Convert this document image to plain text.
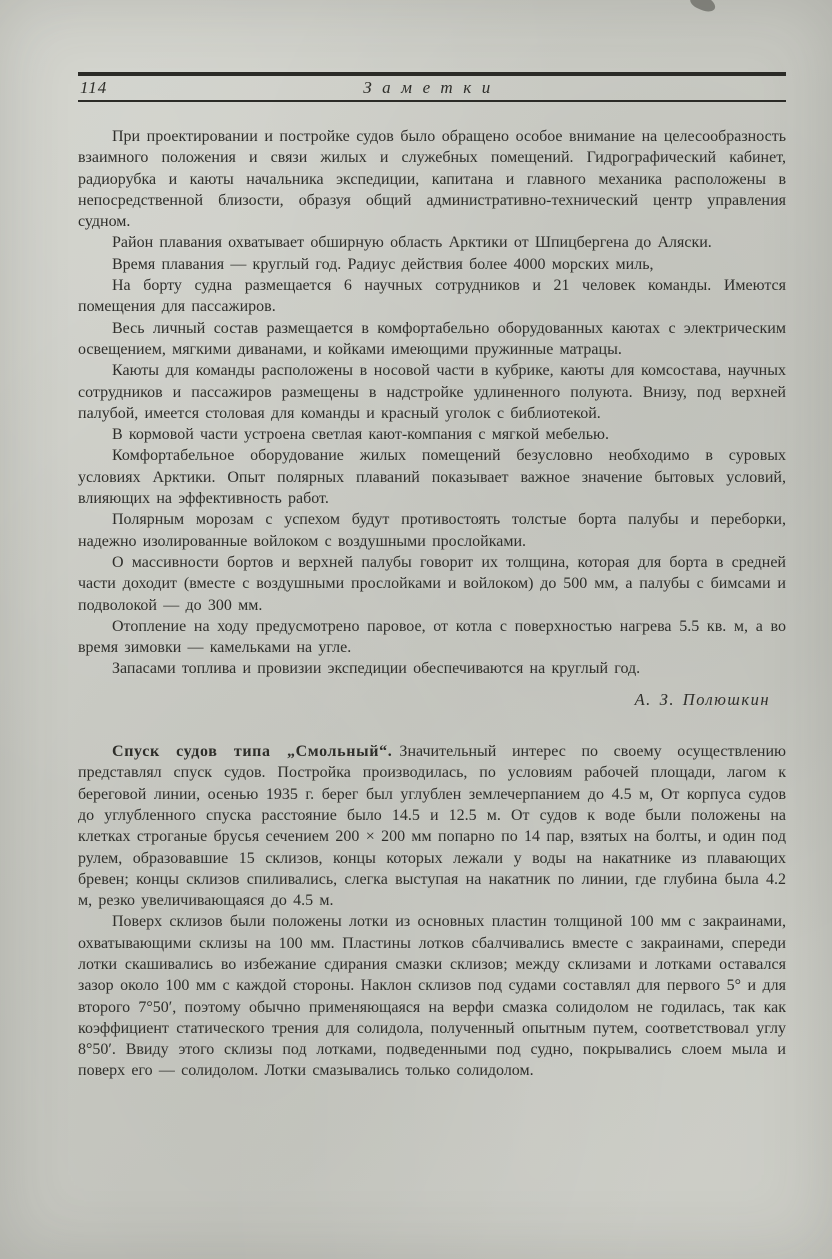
114	Заметки

При проектировании и постройке судов было обращено особое внимание на целесообразность взаимного положения и связи жилых и служебных помещений. Гидрографический кабинет, радиорубка и каюты начальника экспедиции, капитана и главного механика расположены в непосредственной близости, образуя общий административно-технический центр управления судном.

Район плавания охватывает обширную область Арктики от Шпицбергена до Аляски.

Время плавания — круглый год. Радиус действия более 4000 морских миль,

На борту судна размещается 6 научных сотрудников и 21 человек команды. Имеются помещения для пассажиров.

Весь личный состав размещается в комфортабельно оборудованных каютах с электрическим освещением, мягкими диванами, и койками имеющими пружинные матрацы.

Каюты для команды расположены в носовой части в кубрике, каюты для комсостава, научных сотрудников и пассажиров размещены в надстройке удлиненного полуюта. Внизу, под верхней палубой, имеется столовая для команды и красный уголок с библиотекой.

В кормовой части устроена светлая кают-компания с мягкой мебелью.

Комфортабельное оборудование жилых помещений безусловно необходимо в суровых условиях Арктики. Опыт полярных плаваний показывает важное значение бытовых условий, влияющих на эффективность работ.

Полярным морозам с успехом будут противостоять толстые борта палубы и переборки, надежно изолированные войлоком с воздушными прослойками.

О массивности бортов и верхней палубы говорит их толщина, которая для борта в средней части доходит (вместе с воздушными прослойками и войлоком) до 500 мм, а палубы с бимсами и подволокой — до 300 мм.

Отопление на ходу предусмотрено паровое, от котла с поверхностью нагрева 5.5 кв. м, а во время зимовки — камельками на угле.

Запасами топлива и провизии экспедиции обеспечиваются на круглый год.

А. З. Полюшкин

Спуск судов типа „Смольный“. Значительный интерес по своему осуществлению представлял спуск судов. Постройка производилась, по условиям рабочей площади, лагом к береговой линии, осенью 1935 г. берег был углублен землечерпанием до 4.5 м, От корпуса судов до углубленного спуска расстояние было 14.5 и 12.5 м. От судов к воде были положены на клетках строганые брусья сечением 200 × 200 мм попарно по 14 пар, взятых на болты, и один под рулем, образовавшие 15 склизов, концы которых лежали у воды на накатнике из плавающих бревен; концы склизов спиливались, слегка выступая на накатник по линии, где глубина была 4.2 м, резко увеличивающаяся до 4.5 м.

Поверх склизов были положены лотки из основных пластин толщиной 100 мм с закраинами, охватывающими склизы на 100 мм. Пластины лотков сбалчивались вместе с закраинами, спереди лотки скашивались во избежание сдирания смазки склизов; между склизами и лотками оставался зазор около 100 мм с каждой стороны. Наклон склизов под судами составлял для первого 5° и для второго 7°50′, поэтому обычно применяющаяся на верфи смазка солидолом не годилась, так как коэффициент статического трения для солидола, полученный опытным путем, соответствовал углу 8°50′. Ввиду этого склизы под лотками, подведенными под судно, покрывались слоем мыла и поверх его — солидолом. Лотки смазывались только солидолом.
